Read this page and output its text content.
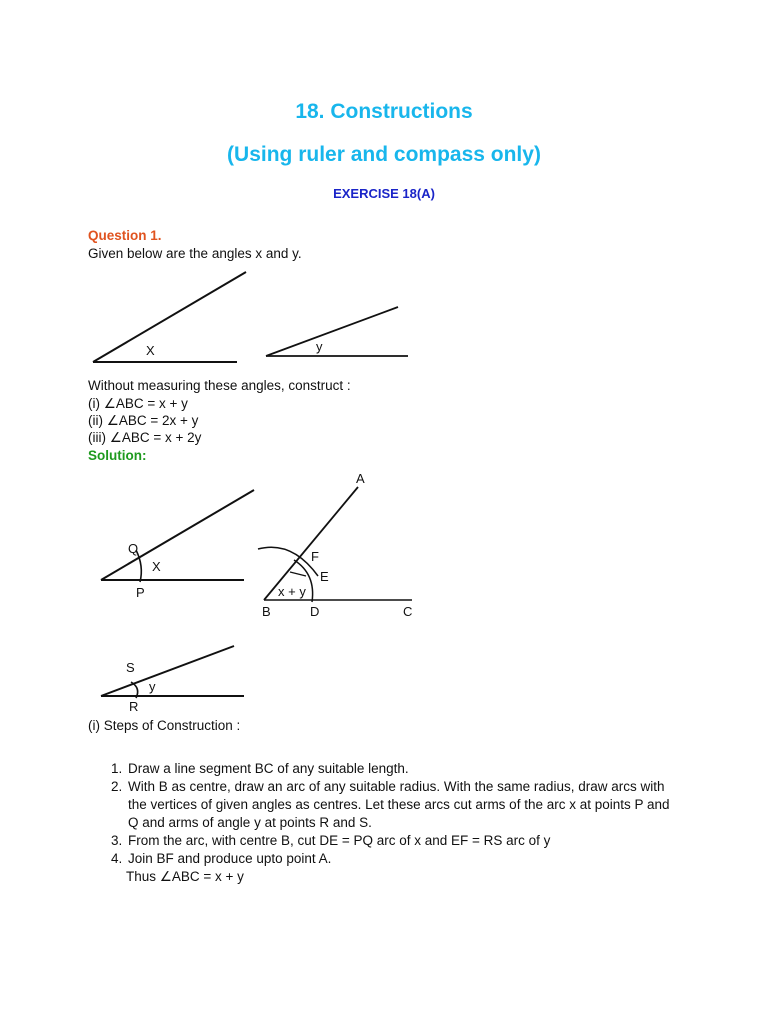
18. Constructions
(Using ruler and compass only)
EXERCISE 18(A)
Question 1.
Given below are the angles x and y.
X	y
Q
X
P
A
F
E
x + y
B	D	C
S
y
R
Without measuring these angles, construct :
(i) ∠ABC = x + y
(ii) ∠ABC = 2x + y
(iii) ∠ABC = x + 2y
Solution:
(i) Steps of Construction :
1. Draw a line segment BC of any suitable length.
2. With B as centre, draw an arc of any suitable radius. With the same radius, draw arcs with the vertices of given angles as centres. Let these arcs cut arms of the arc x at points P and Q and arms of angle y at points R and S.
3. From the arc, with centre B, cut DE = PQ arc of x and EF = RS arc of y
4. Join BF and produce upto point A.
Thus ∠ABC = x + y
